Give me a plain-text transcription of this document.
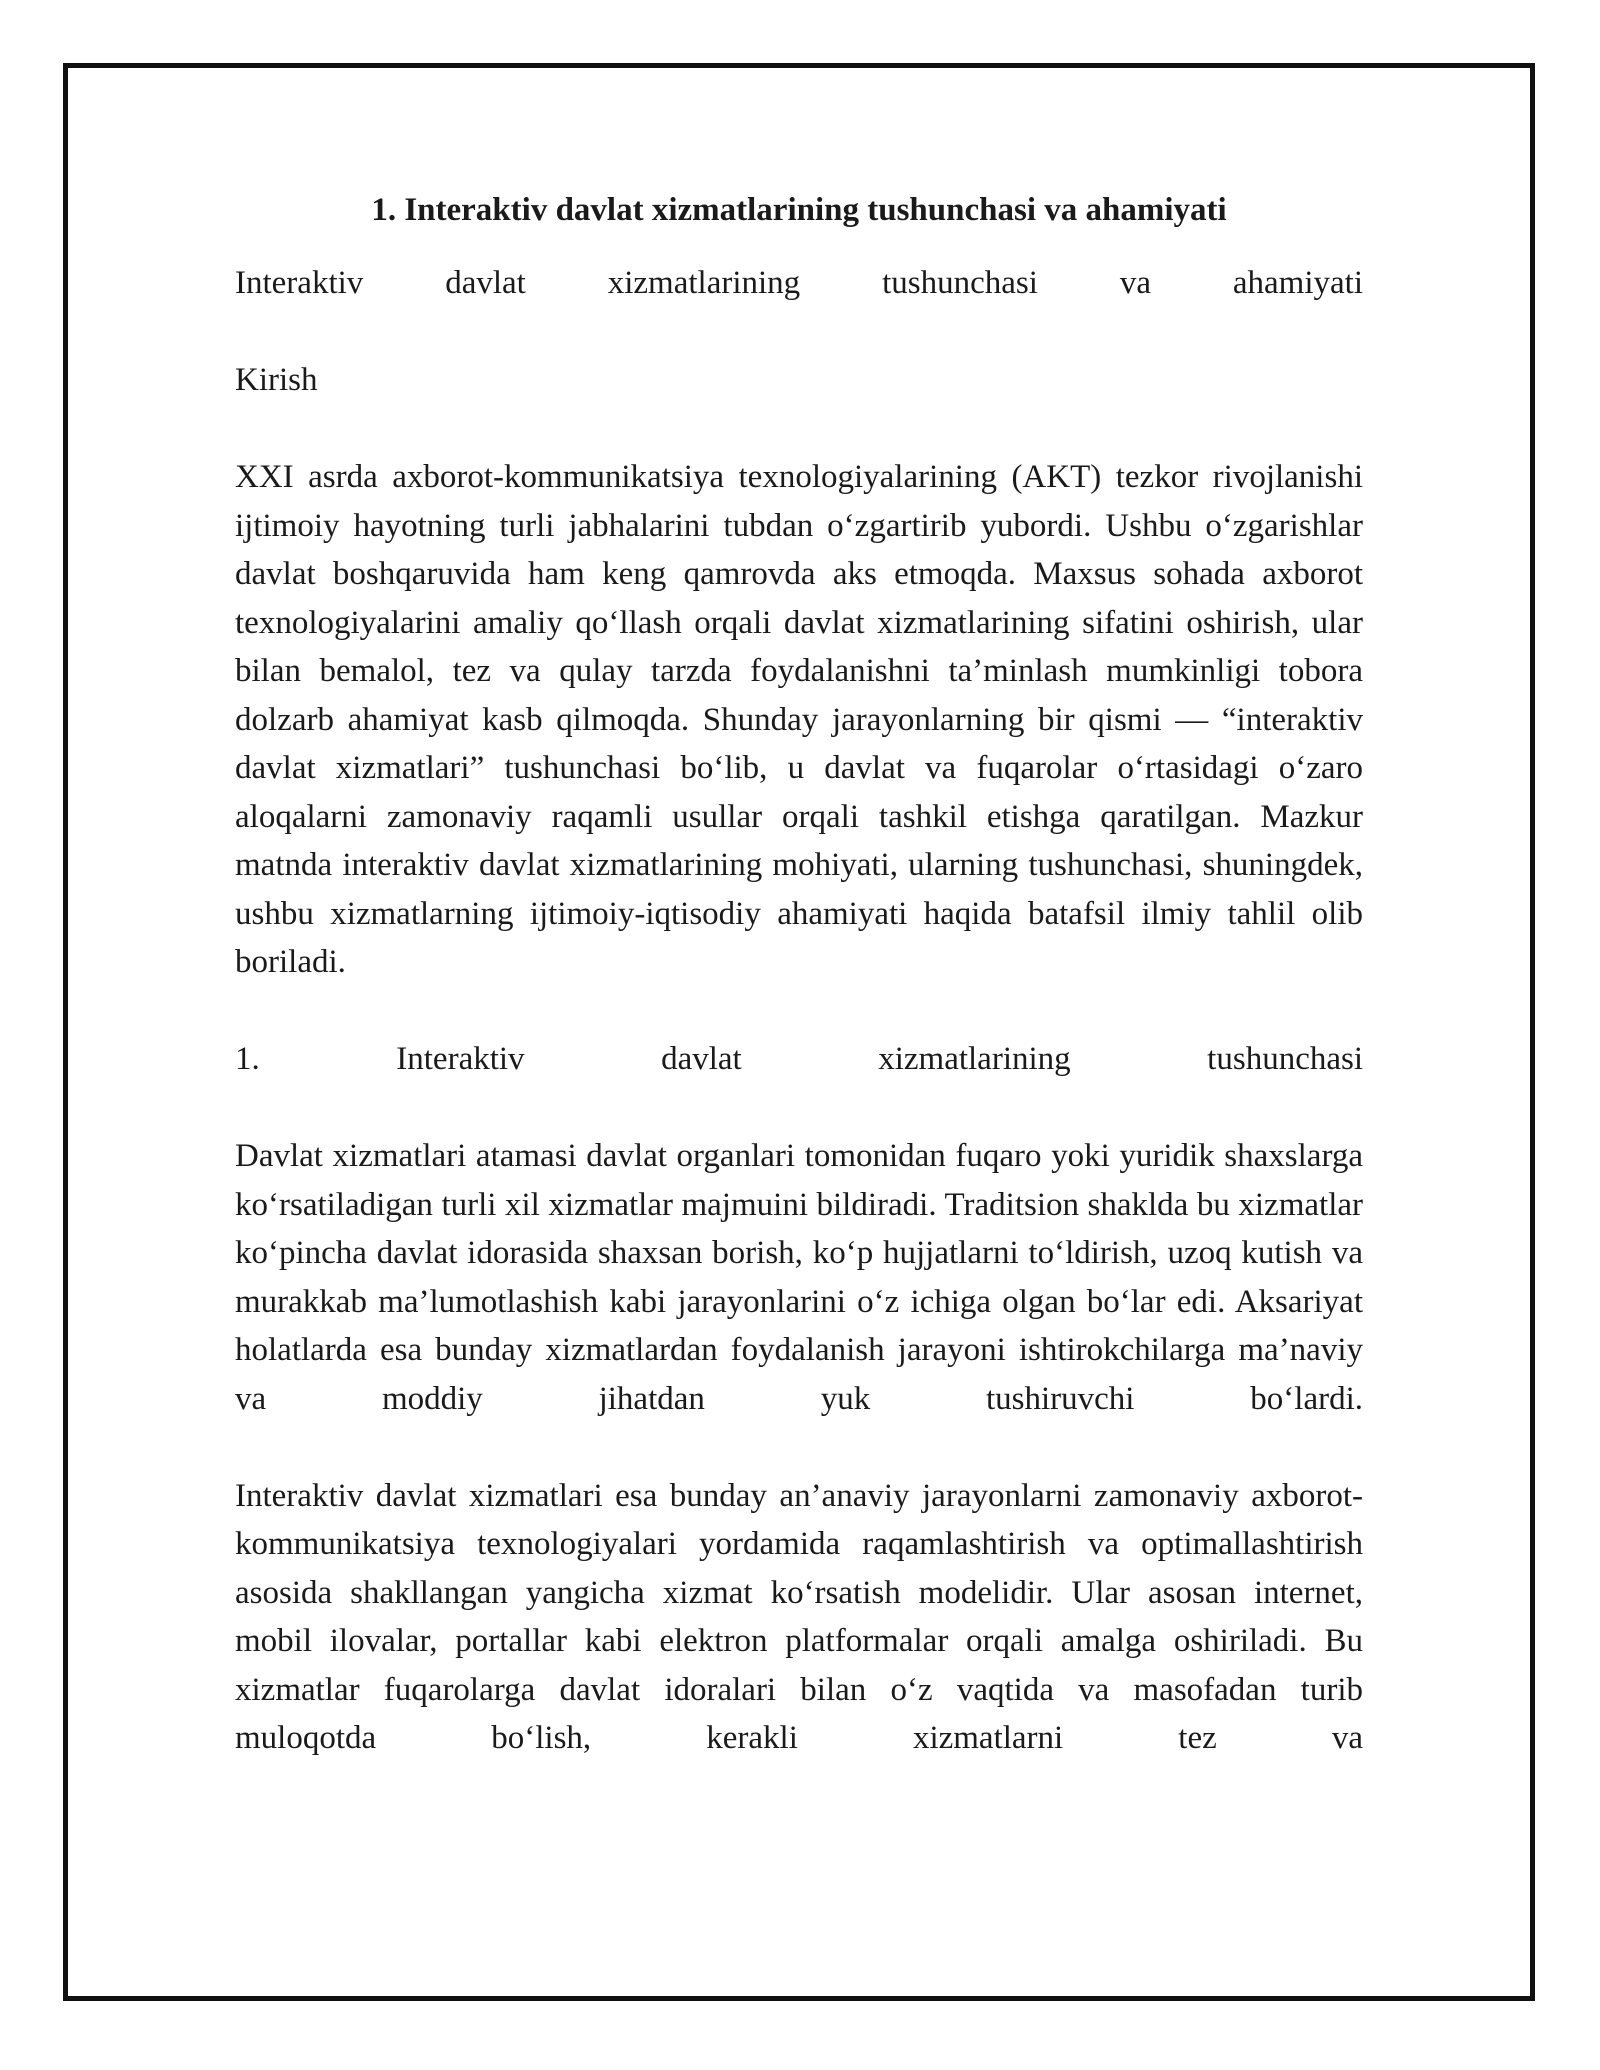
1. Interaktiv davlat xizmatlarining tushunchasi va ahamiyati

Interaktiv davlat xizmatlarining tushunchasi va ahamiyati

Kirish

XXI asrda axborot-kommunikatsiya texnologiyalarining (AKT) tezkor rivojlanishi ijtimoiy hayotning turli jabhalarini tubdan o‘zgartirib yubordi. Ushbu o‘zgarishlar davlat boshqaruvida ham keng qamrovda aks etmoqda. Maxsus sohada axborot texnologiyalarini amaliy qo‘llash orqali davlat xizmatlarining sifatini oshirish, ular bilan bemalol, tez va qulay tarzda foydalanishni ta’minlash mumkinligi tobora dolzarb ahamiyat kasb qilmoqda. Shunday jarayonlarning bir qismi — “interaktiv davlat xizmatlari” tushunchasi bo‘lib, u davlat va fuqarolar o‘rtasidagi o‘zaro aloqalarni zamonaviy raqamli usullar orqali tashkil etishga qaratilgan. Mazkur matnda interaktiv davlat xizmatlarining mohiyati, ularning tushunchasi, shuningdek, ushbu xizmatlarning ijtimoiy-iqtisodiy ahamiyati haqida batafsil ilmiy tahlil olib boriladi.

1. Interaktiv davlat xizmatlarining tushunchasi

Davlat xizmatlari atamasi davlat organlari tomonidan fuqaro yoki yuridik shaxslarga ko‘rsatiladigan turli xil xizmatlar majmuini bildiradi. Traditsion shaklda bu xizmatlar ko‘pincha davlat idorasida shaxsan borish, ko‘p hujjatlarni to‘ldirish, uzoq kutish va murakkab ma’lumotlashish kabi jarayonlarini o‘z ichiga olgan bo‘lar edi. Aksariyat holatlarda esa bunday xizmatlardan foydalanish jarayoni ishtirokchilarga ma’naviy va moddiy jihatdan yuk tushiruvchi bo‘lardi.

Interaktiv davlat xizmatlari esa bunday an’anaviy jarayonlarni zamonaviy axborot-kommunikatsiya texnologiyalari yordamida raqamlashtirish va optimallashtirish asosida shakllangan yangicha xizmat ko‘rsatish modelidir. Ular asosan internet, mobil ilovalar, portallar kabi elektron platformalar orqali amalga oshiriladi. Bu xizmatlar fuqarolarga davlat idoralari bilan o‘z vaqtida va masofadan turib muloqotda bo‘lish, kerakli xizmatlarni tez va
